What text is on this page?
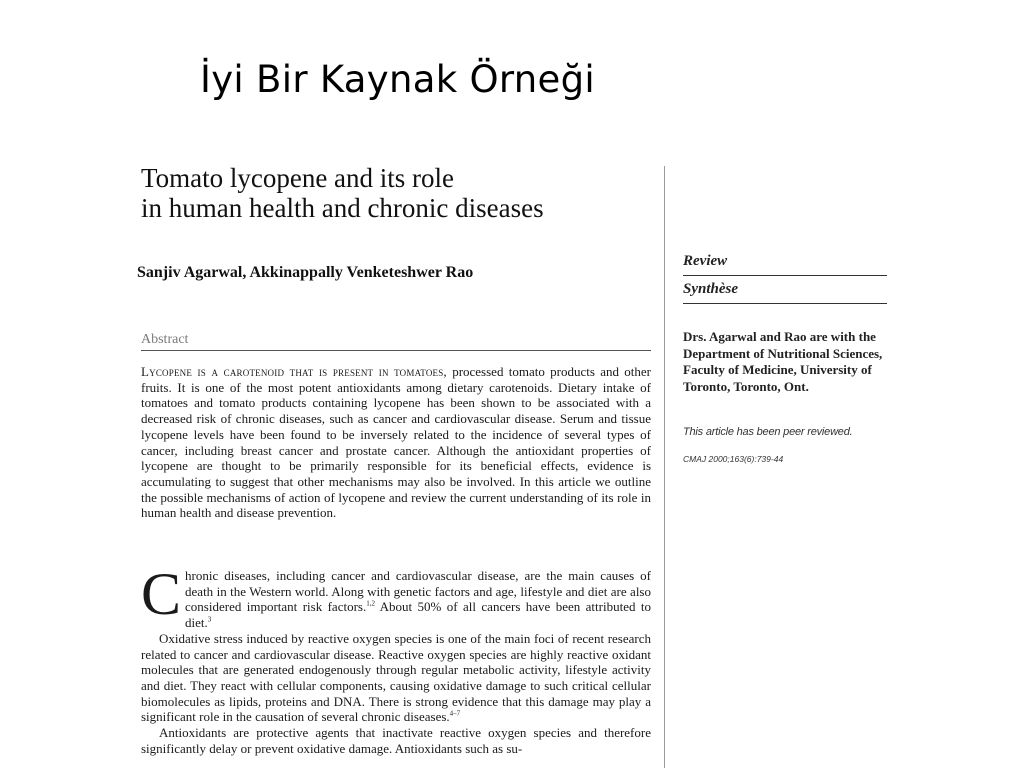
İyi Bir Kaynak Örneği
Tomato lycopene and its role
in human health and chronic diseases
Sanjiv Agarwal, Akkinappally Venketeshwer Rao
Abstract
Lycopene is a carotenoid that is present in tomatoes, processed tomato products and other fruits. It is one of the most potent antioxidants among dietary carotenoids. Dietary intake of tomatoes and tomato products containing lycopene has been shown to be associated with a decreased risk of chronic diseases, such as cancer and cardiovascular disease. Serum and tissue lycopene levels have been found to be inversely related to the incidence of several types of cancer, including breast cancer and prostate cancer. Although the antioxidant properties of lycopene are thought to be primarily responsible for its beneficial effects, evidence is accumulating to suggest that other mechanisms may also be involved. In this article we outline the possible mechanisms of action of lycopene and review the current understanding of its role in human health and disease prevention.

Chronic diseases, including cancer and cardiovascular disease, are the main causes of death in the Western world. Along with genetic factors and age, lifestyle and diet are also considered important risk factors.$^{1,2}$ About 50% of all cancers have been attributed to diet.$^3$

Oxidative stress induced by reactive oxygen species is one of the main foci of recent research related to cancer and cardiovascular disease. Reactive oxygen species are highly reactive oxidant molecules that are generated endogenously through regular metabolic activity, lifestyle activity and diet. They react with cellular components, causing oxidative damage to such critical cellular biomolecules as lipids, proteins and DNA. There is strong evidence that this damage may play a significant role in the causation of several chronic diseases.$^{4-7}$

Antioxidants are protective agents that inactivate reactive oxygen species and therefore significantly delay or prevent oxidative damage. Antioxidants such as su-

Review
Synthèse
Drs. Agarwal and Rao are with the Department of Nutritional Sciences, Faculty of Medicine, University of Toronto, Toronto, Ont.
This article has been peer reviewed.
CMAJ 2000;163(6):739-44
